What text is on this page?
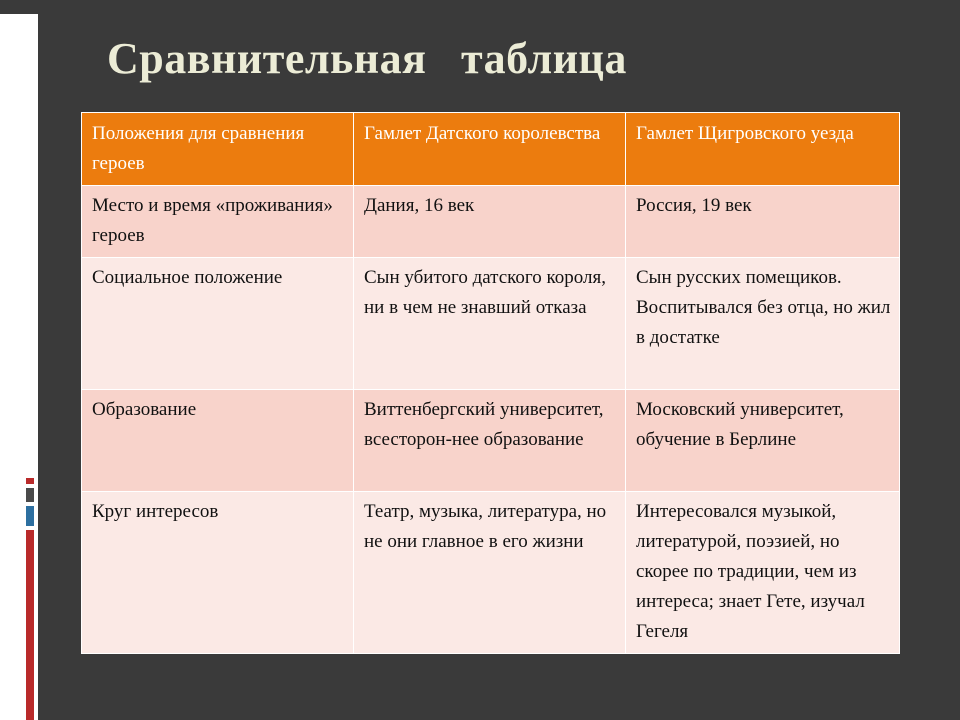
Сравнительная   таблица
Положения для сравнения героев	Гамлет Датского королевства	Гамлет Щигровского уезда
Место и время «проживания» героев	Дания, 16 век	Россия, 19 век
Социальное положение	Сын убитого датского короля, ни в чем не знавший отказа	Сын русских помещиков. Воспитывался без отца, но жил в достатке
Образование	Виттенбергский университет, всесторон-нее образование	Московский университет, обучение в Берлине
Круг интересов	Театр, музыка, литература, но не они главное в его жизни	Интересовался музыкой, литературой, поэзией, но скорее по традиции, чем из интереса; знает Гете, изучал Гегеля
